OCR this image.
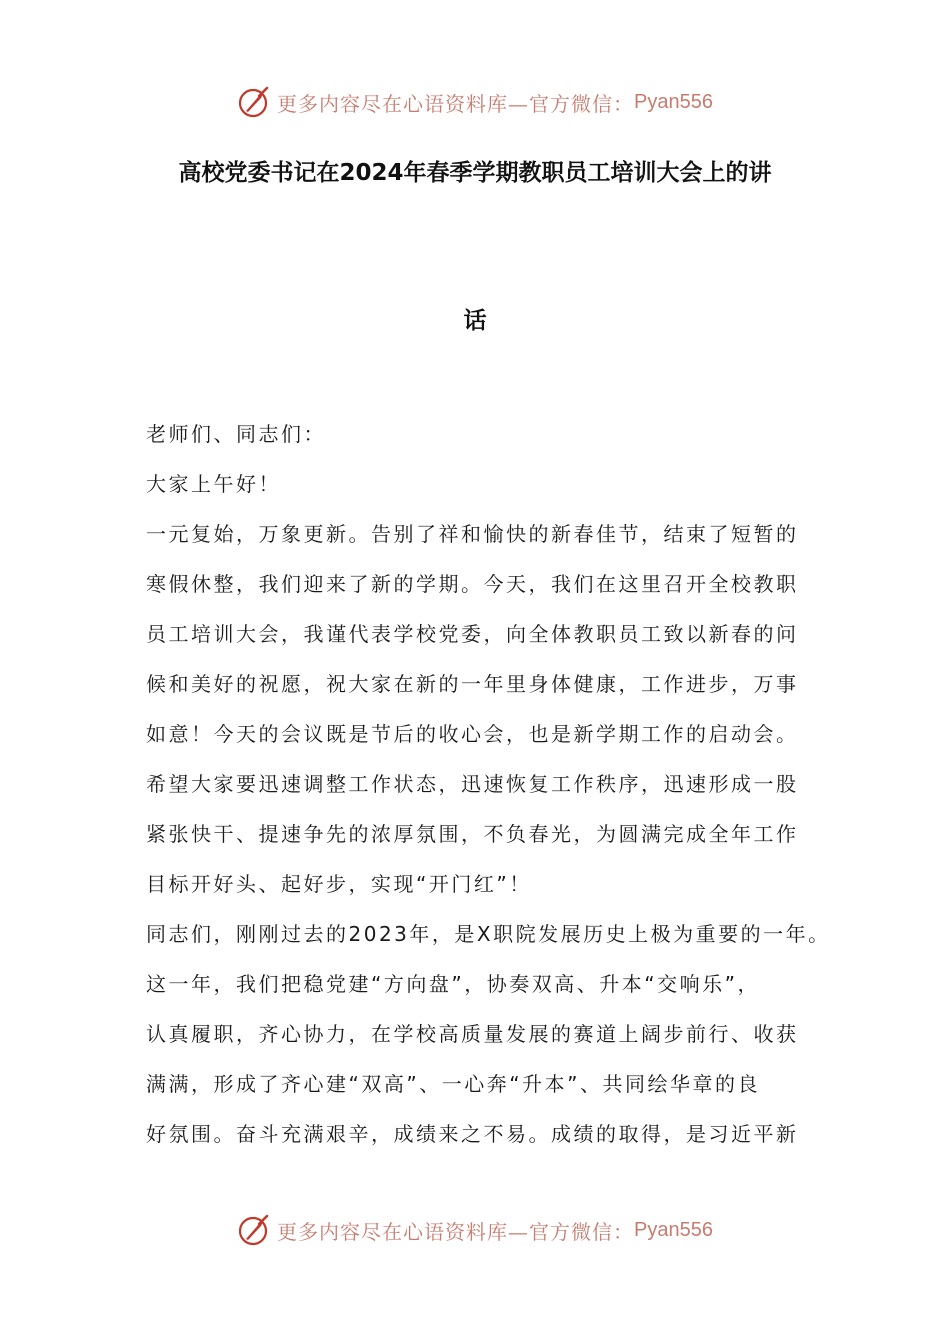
更多内容尽在心语资料库—官方微信： Pyan556
高校党委书记在2024年春季学期教职员工培训大会上的讲
话
老师们、同志们：
大家上午好！
一元复始，万象更新。告别了祥和愉快的新春佳节，结束了短暂的
寒假休整，我们迎来了新的学期。今天，我们在这里召开全校教职
员工培训大会，我谨代表学校党委，向全体教职员工致以新春的问
候和美好的祝愿，祝大家在新的一年里身体健康，工作进步，万事
如意！今天的会议既是节后的收心会，也是新学期工作的启动会。
希望大家要迅速调整工作状态，迅速恢复工作秩序，迅速形成一股
紧张快干、提速争先的浓厚氛围，不负春光，为圆满完成全年工作
目标开好头、起好步，实现“开门红”！
同志们，刚刚过去的2023年，是X职院发展历史上极为重要的一年。
这一年，我们把稳党建“方向盘”，协奏双高、升本“交响乐”，
认真履职，齐心协力，在学校高质量发展的赛道上阔步前行、收获
满满，形成了齐心建“双高”、一心奔“升本”、共同绘华章的良
好氛围。奋斗充满艰辛，成绩来之不易。成绩的取得，是习近平新
更多内容尽在心语资料库—官方微信： Pyan556
